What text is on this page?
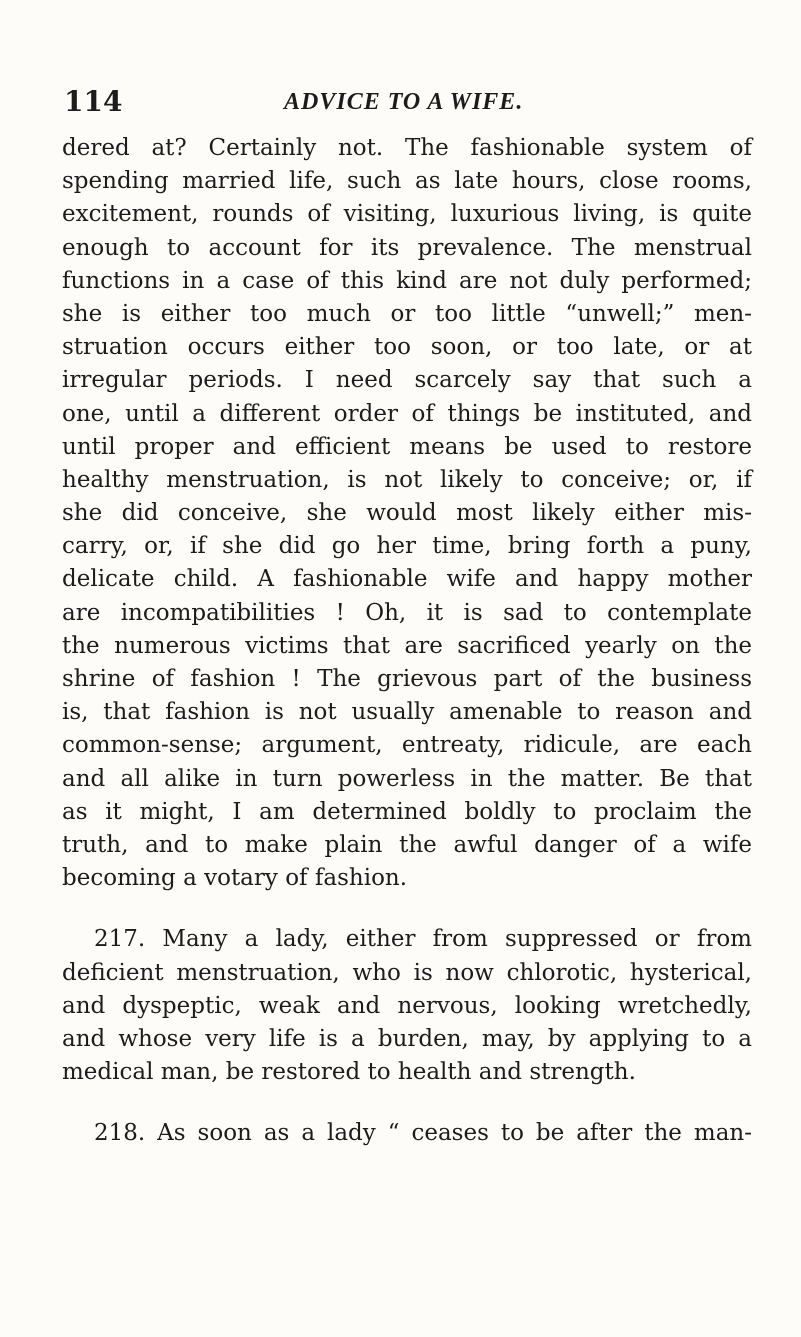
114	ADVICE TO A WIFE.
dered at? Certainly not. The fashionable system of
spending married life, such as late hours, close rooms,
excitement, rounds of visiting, luxurious living, is quite
enough to account for its prevalence. The menstrual
functions in a case of this kind are not duly performed;
she is either too much or too little “unwell;” men-
struation occurs either too soon, or too late, or at
irregular periods. I need scarcely say that such a
one, until a different order of things be instituted, and
until proper and efficient means be used to restore
healthy menstruation, is not likely to conceive; or, if
she did conceive, she would most likely either mis-
carry, or, if she did go her time, bring forth a puny,
delicate child. A fashionable wife and happy mother
are incompatibilities ! Oh, it is sad to contemplate
the numerous victims that are sacrificed yearly on the
shrine of fashion ! The grievous part of the business
is, that fashion is not usually amenable to reason and
common-sense; argument, entreaty, ridicule, are each
and all alike in turn powerless in the matter. Be that
as it might, I am determined boldly to proclaim the
truth, and to make plain the awful danger of a wife
becoming a votary of fashion.
217. Many a lady, either from suppressed or from
deficient menstruation, who is now chlorotic, hysterical,
and dyspeptic, weak and nervous, looking wretchedly,
and whose very life is a burden, may, by applying to a
medical man, be restored to health and strength.
218. As soon as a lady “ ceases to be after the man-
